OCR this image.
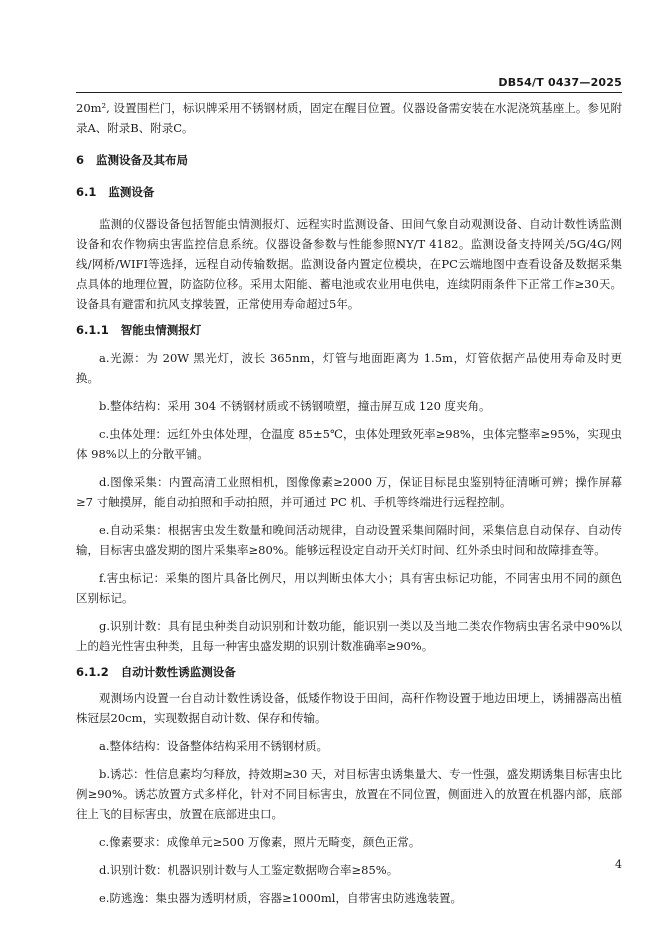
DB54/T 0437—2025

20m², 设置围栏门，标识牌采用不锈钢材质，固定在醒目位置。仪器设备需安装在水泥浇筑基座上。参见附录A、附录B、附录C。

6 监测设备及其布局

6.1 监测设备

监测的仪器设备包括智能虫情测报灯、远程实时监测设备、田间气象自动观测设备、自动计数性诱监测设备和农作物病虫害监控信息系统。仪器设备参数与性能参照NY/T 4182。监测设备支持网关/5G/4G/网线/网桥/WIFI等选择，远程自动传输数据。监测设备内置定位模块，在PC云端地图中查看设备及数据采集点具体的地理位置，防盗防位移。采用太阳能、蓄电池或农业用电供电，连续阴雨条件下正常工作≥30天。设备具有避雷和抗风支撑装置，正常使用寿命超过5年。

6.1.1 智能虫情测报灯

a.光源：为 20W 黑光灯，波长 365nm，灯管与地面距离为 1.5m，灯管依据产品使用寿命及时更换。

b.整体结构：采用 304 不锈钢材质或不锈钢喷塑，撞击屏互成 120 度夹角。

c.虫体处理：远红外虫体处理，仓温度 85±5℃，虫体处理致死率≥98%，虫体完整率≥95%，实现虫体 98%以上的分散平铺。

d.图像采集：内置高清工业照相机，图像像素≥2000 万，保证目标昆虫鉴别特征清晰可辨；操作屏幕≥7 寸触摸屏，能自动拍照和手动拍照，并可通过 PC 机、手机等终端进行远程控制。

e.自动采集：根据害虫发生数量和晚间活动规律，自动设置采集间隔时间，采集信息自动保存、自动传输，目标害虫盛发期的图片采集率≥80%。能够远程设定自动开关灯时间、红外杀虫时间和故障排查等。

f.害虫标记：采集的图片具备比例尺，用以判断虫体大小；具有害虫标记功能，不同害虫用不同的颜色区别标记。

g.识别计数：具有昆虫种类自动识别和计数功能，能识别一类以及当地二类农作物病虫害名录中90%以上的趋光性害虫种类，且每一种害虫盛发期的识别计数准确率≥90%。

6.1.2 自动计数性诱监测设备

观测场内设置一台自动计数性诱设备，低矮作物设于田间，高秆作物设置于地边田埂上，诱捕器高出植株冠层20cm，实现数据自动计数、保存和传输。

a.整体结构：设备整体结构采用不锈钢材质。

b.诱芯：性信息素均匀释放，持效期≥30 天，对目标害虫诱集量大、专一性强，盛发期诱集目标害虫比例≥90%。诱芯放置方式多样化，针对不同目标害虫，放置在不同位置，侧面进入的放置在机器内部，底部往上飞的目标害虫，放置在底部进虫口。

c.像素要求：成像单元≥500 万像素，照片无畸变，颜色正常。

d.识别计数：机器识别计数与人工鉴定数据吻合率≥85%。

e.防逃逸：集虫器为透明材质，容器≥1000ml，自带害虫防逃逸装置。

4
